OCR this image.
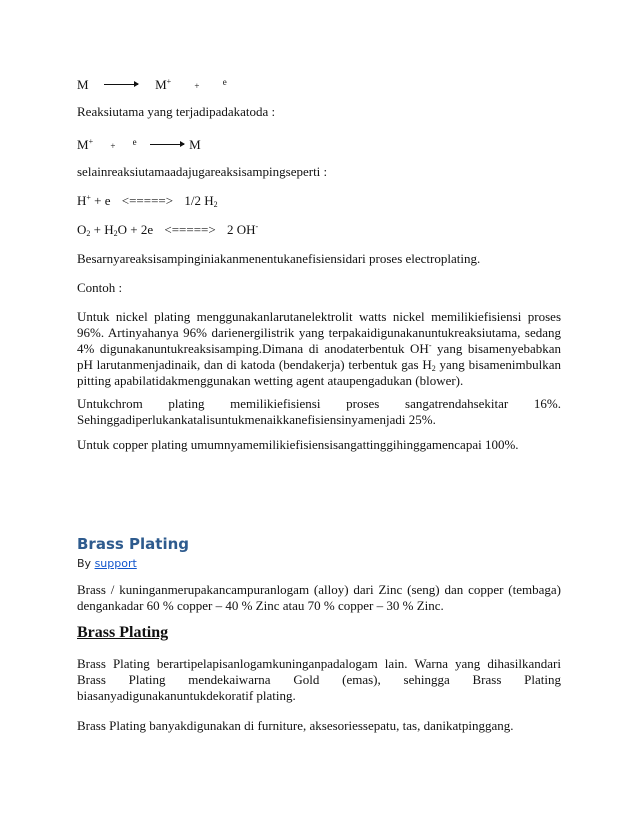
M	M+	+	$^e$
Reaksiutama yang terjadipadakatoda :
M+ + $^e$	M
selainreaksiutamaadajugareaksisampingseperti :
H+ + e <=====> 1/2 $H_2$
$O_2 + H_2O + 2e$ <=====> 2 OH-
Besarnyareaksisampinginiakanmenentukanefisiensidari proses electroplating.
Contoh :
Untuk nickel plating menggunakanlarutanelektrolit watts nickel memilikiefisiensi proses 96%. Artinyahanya 96% darienergilistrik yang terpakaidigunakanuntukreaksiutama, sedang 4% digunakanuntukreaksisamping.Dimana di anodaterbentuk OH- yang bisamenyebabkan pH larutanmenjadinaik, dan di katoda (bendakerja) terbentuk gas $H_2$ yang bisamenimbulkan pitting apabilatidakmenggunakan wetting agent ataupengadukan (blower).
Untukchrom plating memilikiefisiensi proses sangatrendahsekitar 16%. Sehinggadiperlukankatalisuntukmenaikkanefisiensinyamenjadi 25%.
Untuk copper plating umumnyamemilikiefisiensisangattinggihinggamencapai 100%.
Brass Plating
By support
Brass / kuninganmerupakancampuranlogam (alloy) dari Zinc (seng) dan copper (tembaga) dengankadar 60 % copper – 40 % Zinc atau 70 % copper – 30 % Zinc.
Brass Plating
Brass Plating berartipelapisanlogamkuninganpadalogam lain. Warna yang dihasilkandari Brass Plating mendekaiwarna Gold (emas), sehingga Brass Plating biasanyadigunakanuntukdekoratif plating.
Brass Plating banyakdigunakan di furniture, aksesoriessepatu, tas, danikatpinggang.
